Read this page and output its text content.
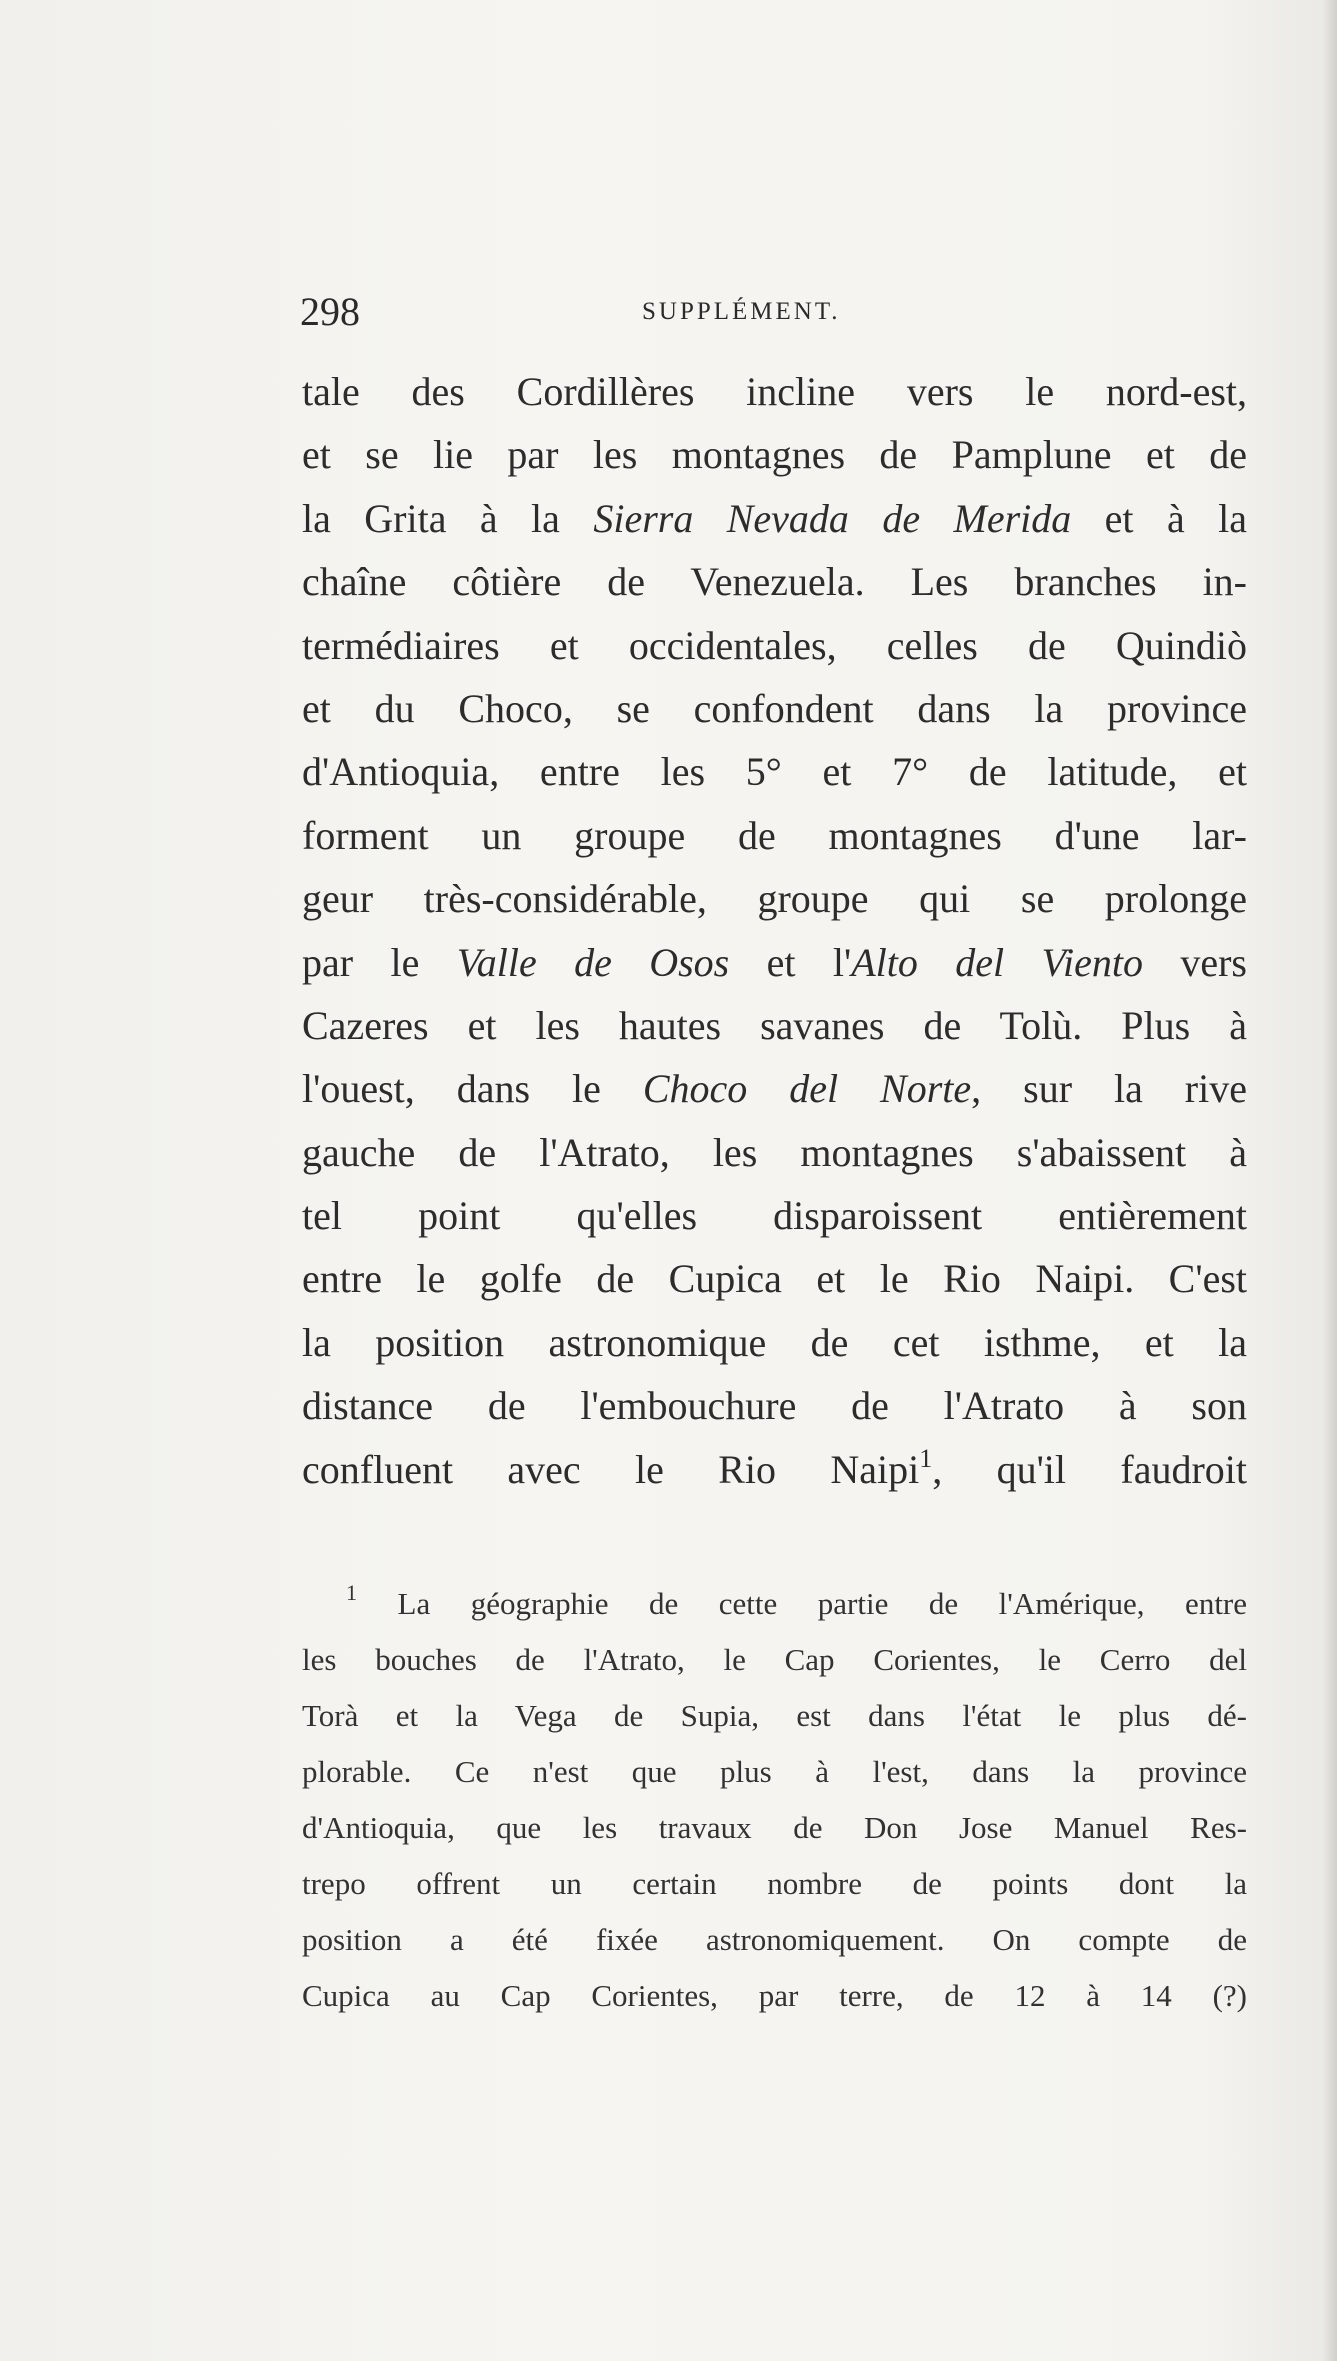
298	SUPPLÉMENT.
tale des Cordillères incline vers le nord-est,
et se lie par les montagnes de Pamplune et de
la Grita à la Sierra Nevada de Merida et à la
chaîne côtière de Venezuela. Les branches in-
termédiaires et occidentales, celles de Quindiò
et du Choco, se confondent dans la province
d'Antioquia, entre les 5° et 7° de latitude, et
forment un groupe de montagnes d'une lar-
geur très-considérable, groupe qui se prolonge
par le Valle de Osos et l'Alto del Viento vers
Cazeres et les hautes savanes de Tolù. Plus à
l'ouest, dans le Choco del Norte, sur la rive
gauche de l'Atrato, les montagnes s'abaissent à
tel point qu'elles disparoissent entièrement
entre le golfe de Cupica et le Rio Naipi. C'est
la position astronomique de cet isthme, et la
distance de l'embouchure de l'Atrato à son
confluent avec le Rio Naipi$^1$, qu'il faudroit
$^1$ La géographie de cette partie de l'Amérique, entre
les bouches de l'Atrato, le Cap Corientes, le Cerro del
Torà et la Vega de Supia, est dans l'état le plus dé-
plorable. Ce n'est que plus à l'est, dans la province
d'Antioquia, que les travaux de Don Jose Manuel Res-
trepo offrent un certain nombre de points dont la
position a été fixée astronomiquement. On compte de
Cupica au Cap Corientes, par terre, de 12 à 14 (?)
